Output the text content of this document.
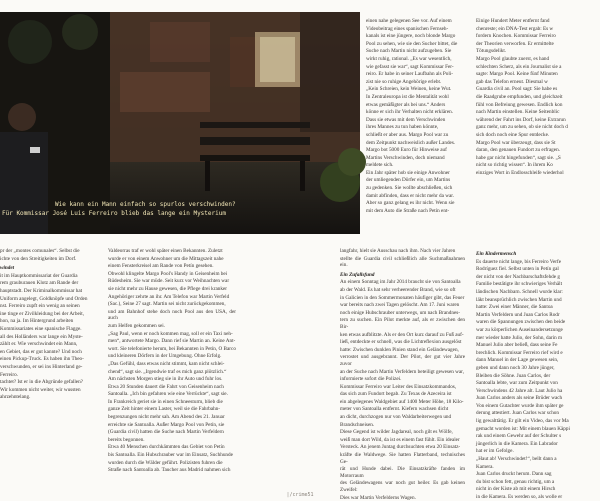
Wie kann ein Mann einfach so spurlos verschwinden?
Für Kommissar José Luis Ferreiro blieb das lange ein Mysterium

pr der „montes comunales“. Selbst die

ichte von den Streitigkeiten im Dorf.

windet

it im Hauptkommissariat der Guardia

rem grauburauen Klotz am Rande der

hauptstadt. Der Kriminalkommissar hat

Uniform angelegt, Goldknöpfe und Orden

nst. Ferreiro zupft ein wenig an seinen

ine tinge er Zivilkleidung bei der Arbeit,

hon, na ja. Im Hintergrund arbeiten

Kommissariates eine spanische Flagge.

all des Holländers war lange ein Myste-

zählt er. Wie verschwindet ein Mann,

en Gebiet, das er gut kannte? Und noch

einen Pickup-Truck. Es haben ihn Theo-

verschwunden, er sei ins Hinterland ge-

Ferreiro.

tachtet? Ist er in die Abgründe gefallen?

Wir kommen nicht weiter, wir wussten

ahrzehntelang.

Valdeorras traf er wohl später einen Bekannten. Zuletzt

wurde er von einem Anwohner um die Mittagszeit nahe

einem Fensterkreisel am Rande von Petín gesehen.

Obwohl klingelte Margo Pool's Handy in Geisenheim bei

Rüdesheim. Sie war müde. Seit kurz vor Weihnachten war

sie nicht mehr zu Hause gewesen, die Pflege drei kranker

Angehöriger zehrte an ihr. Am Telefon war Martin Verfeld

(Sac.), Seine 27 sagt. Martin sei nicht zurückgekommen,

und am Bahnhof stehe doch noch Pool aus den USA, der auch

zum Helfen gekommen sei.

„Sag Paul, wenn er noch kommen mag, soll er ein Taxi neh-

men“, antwortete Margo. Dann rief sie Martin an. Keine Ant-

wort. Sie telefonierte herum, bei Bekannten in Petín, O Barco

und kleineren Dörfern in der Umgebung. Ohne Erfolg.

„Das Gefühl, dass etwas nicht stimmt, kam nicht schlei-

chend“, sagt sie. „Irgendwie traf es mich ganz plötzlich.“

Am nächsten Morgen stieg sie in ihr Auto und fuhr los.

Etwa 20 Stunden dauert die Fahrt von Geisenheim nach

Santoalla. „Ich bin gefahren wie eine Verrückte“, sagt sie.

In Frankreich geriet sie in einen Schneesturm, blieb die

ganze Zeit hinter einem Laster, weil sie die Fahrbahn-

begrenzungen nicht mehr sah. Am Abend des 21. Januar

erreichte sie Santoalla. Außer Margo Pool von Petín, sie

(Guardia civil) hatten die Suche nach Martin Verfeldern

bereits begonnen.

Etwa 40 Menschen durchkämmten das Gebiet von Petín

bis Santoalla. Ein Hubschrauber war im Einsatz, Suchhunde

wurden durch die Wälder geführt. Polizisten fuhren die

Straße nach Santoalla ab. Taucher aus Madrid nahmen sich

einen nahe gelegenen See vor. Auf einem

Videobeitrag eines spanischen Fernseh-

kanals ist eine jüngere, noch blonde Margo

Pool zu sehen, wie sie den Sucher bittet, die

Suche nach Martin nicht aufzugeben. Sie

wirkt ruhig, rational. „Es war wesentlich,

wie gefasst sie war“, sagt Kommissar Fer-

reiro. Er habe in seiner Laufbahn als Poli-

zist nie so ruhige Angehörige erlebt.

„Kein Schreien, kein Weinen, keine Wut.

In Zentraleuropa ist die Mentalität wohl

etwas gemäßigter als bei uns.“ Anders

könne er sich ihr Verhalten nicht erklären.

Dass sie etwas mit dem Verschwinden

ihres Mannes zu tun haben könnte,

schließt er aber aus. Margo Pool war zu

dem Zeitpunkt nachweislich außer Landes.

Margo bot 5000 Euro für Hinweise auf

Martins Verschwinden, doch niemand

meldete sich.

Ein Jahr später hob sie einige Anwohner

der umliegenden Dörfer ein, um Martins

zu gedenken. Sie wollte abschließen, sich

damit abfinden, dass er nicht mehr da war.

Aber so ganz gelang es ihr nicht. Wenn sie

mit dem Auto die Straße nach Petín ent-

Einige Hundert Meter entfernt fand

chenreste; ein DNA-Test ergab: Es w

fordern Knochen. Kommissar Ferreiro

der Theorien verworfen. Er ermittelte

Tötungsdelikt.

Margo Pool glaubte zuerst, es hand

schlechten Scherz, als ein Journalist sie a

sagte: Margo Pool. Keine fünf Minuten

gab das Telefon erneut. Diesmal w

Guardia civil an. Pool sagt: Sie habe es

die Raadgrube empfunden, und gleichzeit

fühl von Befreiung gewesen. Endlich kon

nach Martin einstellen. Keine Seitenblic

während der Fahrt ins Dorf, keine Extrarun

ganz mehr, um zu sehen, ob sie nicht doch d

sich doch noch eine Spur entdecke.

Margo Pool war überzeugt, dass sie St

daran, den genauen Fundort zu erfragen.

habe gar nicht hingefunden“, sagt sie. „S

nicht so richtig wissen“. In ihrem Ko

einziges Wort in Endlosschleife wiederhol

langfahr, hielt sie Ausschau nach ihm. Nach vier Jahren

stellte die Guardia civil schließlich alle Suchmaßnahmen ein.

Ein Zufallsfund

An einem Sonntag im Jahr 2014 braucht sie von Santoalla

ab der Wald. Es hat sehr verheerender Brand, wie so oft

in Galicien in den Sommermonaten häufiger gibt, das Feuer

war bereits nach zwei Tagen gelöscht. Am 17. Juni waren

noch einige Hubschrauber unterwegs, um nach Brandnes-

tern zu suchen. Ein Pilot merkte auf, als er zwischen den Bir-

ken etwas aufblitzte. Als er den Ort kurz darauf zu Fuß auf-

ließ, entdeckte er schnell, was die Lichtreflexion ausgelöst

hatte: Zwischen dunklen Pinien stand ein Geländewagen,

verrostet und ausgebrannt. Der Pilot, der gut vier Jahre zuvor

an der Suche nach Martin Verfeldern beteiligt gewesen war,

informierte sofort die Polizei.

Kommissar Ferreiro war Leiter des Einsatzkommandos,

das sich zum Fundort begab. Zu Texas de Azeceira ist

ein abgelegenes Waldgebiet auf 1400 Meter Höhe, 18 Kilo-

meter von Santoalla entfernt. Kiefern wachsen dicht

an dicht, durchzogen nur von Waldarbeiterwegen und

Brandschneisen.

Diese Gegend ist wilder Jagdareal, noch gilt es Wölfe,

weiß man dort Wild, da ist es einem fast fühlt. Ein idealer

Versteck. An jenem Juntag durchsuchten etwa 20 Einsatz-

kräfte die Waldwege. Sie hatten Flatterband, technisches Ge-

rät und Hunde dabei. Die Einsatzkräfte fanden im Motorraum

des Geländewagens war noch gut heiler. Es gab keinen Zweifel:

Dies war Martin Verfelderns Wagen.

Ein Kindermensch

Es dauerte nicht lange, bis Ferreiro Verfe

Rodríguez fiel. Selbst unten in Petín gal

der nicht von der Nachbarschaftsfehde g

Familie bestätigte ihr schwieriges Verhält

ländischen Nachbarn. Schnell wurde klar:

läkt beansprüchlich zwischen Martin und

hatte: Zwei einer Männer, die Santoa

Martin Verfeldern und Juan Carlos Rodr

waren die Spannungen zwischen den beide

war zu körperlichen Auseinandersetzunge

mer wieder hatte Julio, der Sohn, darin m

Manuel Julio aber beließ, dass seine Fe

brechlich. Kommissar Ferreiro rief wird e

dann Manuel in der Lage gewesen sein,

geben und dann noch 30 Jahre jünger,

Bleiben die Söhne. Juan Carlos, der

Santoalla lebte, war zum Zeitpunkt von

Verschwindens 42 Jahre alt. Laut Julio ha

Juan Carlos anders als seine Brüder wach

Von einem Gutachter wurde ihm später ge

derung attestiert. Juan Carlos war schon

lig gewalttätig. Er gilt ein Video, das vor Ma

gemacht worden ist: Mit einem blauen Käppi

rak und einem Gewehr auf der Schulter s

jüngerlich in die Kamera. Ein Labrador

hat er im Gefolge.

„Haut ab! Verschwindet!“, bellt dann a

Kamera.

Juan Carlos druckt herum. Dann sag

du bist schon fett, genau richtig, um a

nicht in der Kiste ab mit einem Hirsch

in die Kamera. Es werden so, als wolle er

|/crime51
